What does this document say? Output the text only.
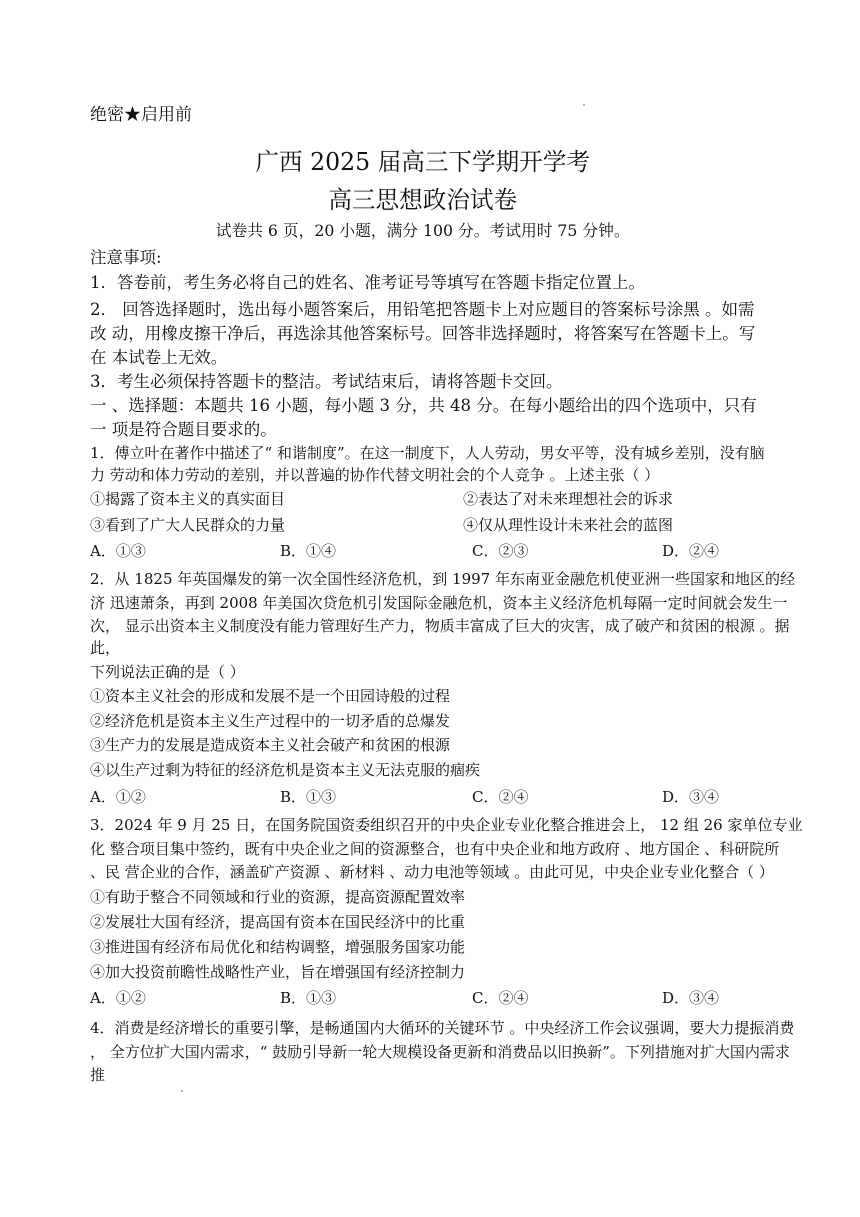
绝密★启用前
广西 2025 届高三下学期开学考
高三思想政治试卷
试卷共 6 页，20 小题，满分 100 分。考试用时 75 分钟。
注意事项:
1．答卷前，考生务必将自己的姓名、准考证号等填写在答题卡指定位置上。
2． 回答选择题时，选出每小题答案后，用铅笔把答题卡上对应题目的答案标号涂黑 。如需
改 动，用橡皮擦干净后，再选涂其他答案标号。回答非选择题时，将答案写在答题卡上。写
在 本试卷上无效。
3．考生必须保持答题卡的整洁。考试结束后，请将答题卡交回。
一 、选择题：本题共 16 小题，每小题 3 分，共 48 分。在每小题给出的四个选项中，只有
一 项是符合题目要求的。
1．傅立叶在著作中描述了“ 和谐制度”。在这一制度下，人人劳动，男女平等，没有城乡差别，没有脑
力 劳动和体力劳动的差别，并以普遍的协作代替文明社会的个人竞争 。上述主张（ ）
①揭露了资本主义的真实面目	②表达了对未来理想社会的诉求
③看到了广大人民群众的力量	④仅从理性设计未来社会的蓝图
A．①③	B．①④	C．②③	D．②④
2．从 1825 年英国爆发的第一次全国性经济危机，到 1997 年东南亚金融危机使亚洲一些国家和地区的经
济 迅速萧条，再到 2008 年美国次贷危机引发国际金融危机，资本主义经济危机每隔一定时间就会发生一
次， 显示出资本主义制度没有能力管理好生产力，物质丰富成了巨大的灾害，成了破产和贫困的根源 。据
此，
下列说法正确的是（ ）
①资本主义社会的形成和发展不是一个田园诗般的过程
②经济危机是资本主义生产过程中的一切矛盾的总爆发
③生产力的发展是造成资本主义社会破产和贫困的根源
④以生产过剩为特征的经济危机是资本主义无法克服的痼疾
A．①②	B．①③	C．②④	D．③④
3．2024 年 9 月 25 日，在国务院国资委组织召开的中央企业专业化整合推进会上， 12 组 26 家单位专业
化 整合项目集中签约，既有中央企业之间的资源整合，也有中央企业和地方政府 、地方国企 、科研院所
、民 营企业的合作，涵盖矿产资源 、新材料 、动力电池等领域 。由此可见，中央企业专业化整合（ ）
①有助于整合不同领域和行业的资源，提高资源配置效率
②发展壮大国有经济，提高国有资本在国民经济中的比重
③推进国有经济布局优化和结构调整，增强服务国家功能
④加大投资前瞻性战略性产业，旨在增强国有经济控制力
A．①②	B．①③	C．②④	D．③④
4．消费是经济增长的重要引擎，是畅通国内大循环的关键环节 。中央经济工作会议强调，要大力提振消费
， 全方位扩大国内需求，“ 鼓励引导新一轮大规模设备更新和消费品以旧换新”。下列措施对扩大国内需求
推
